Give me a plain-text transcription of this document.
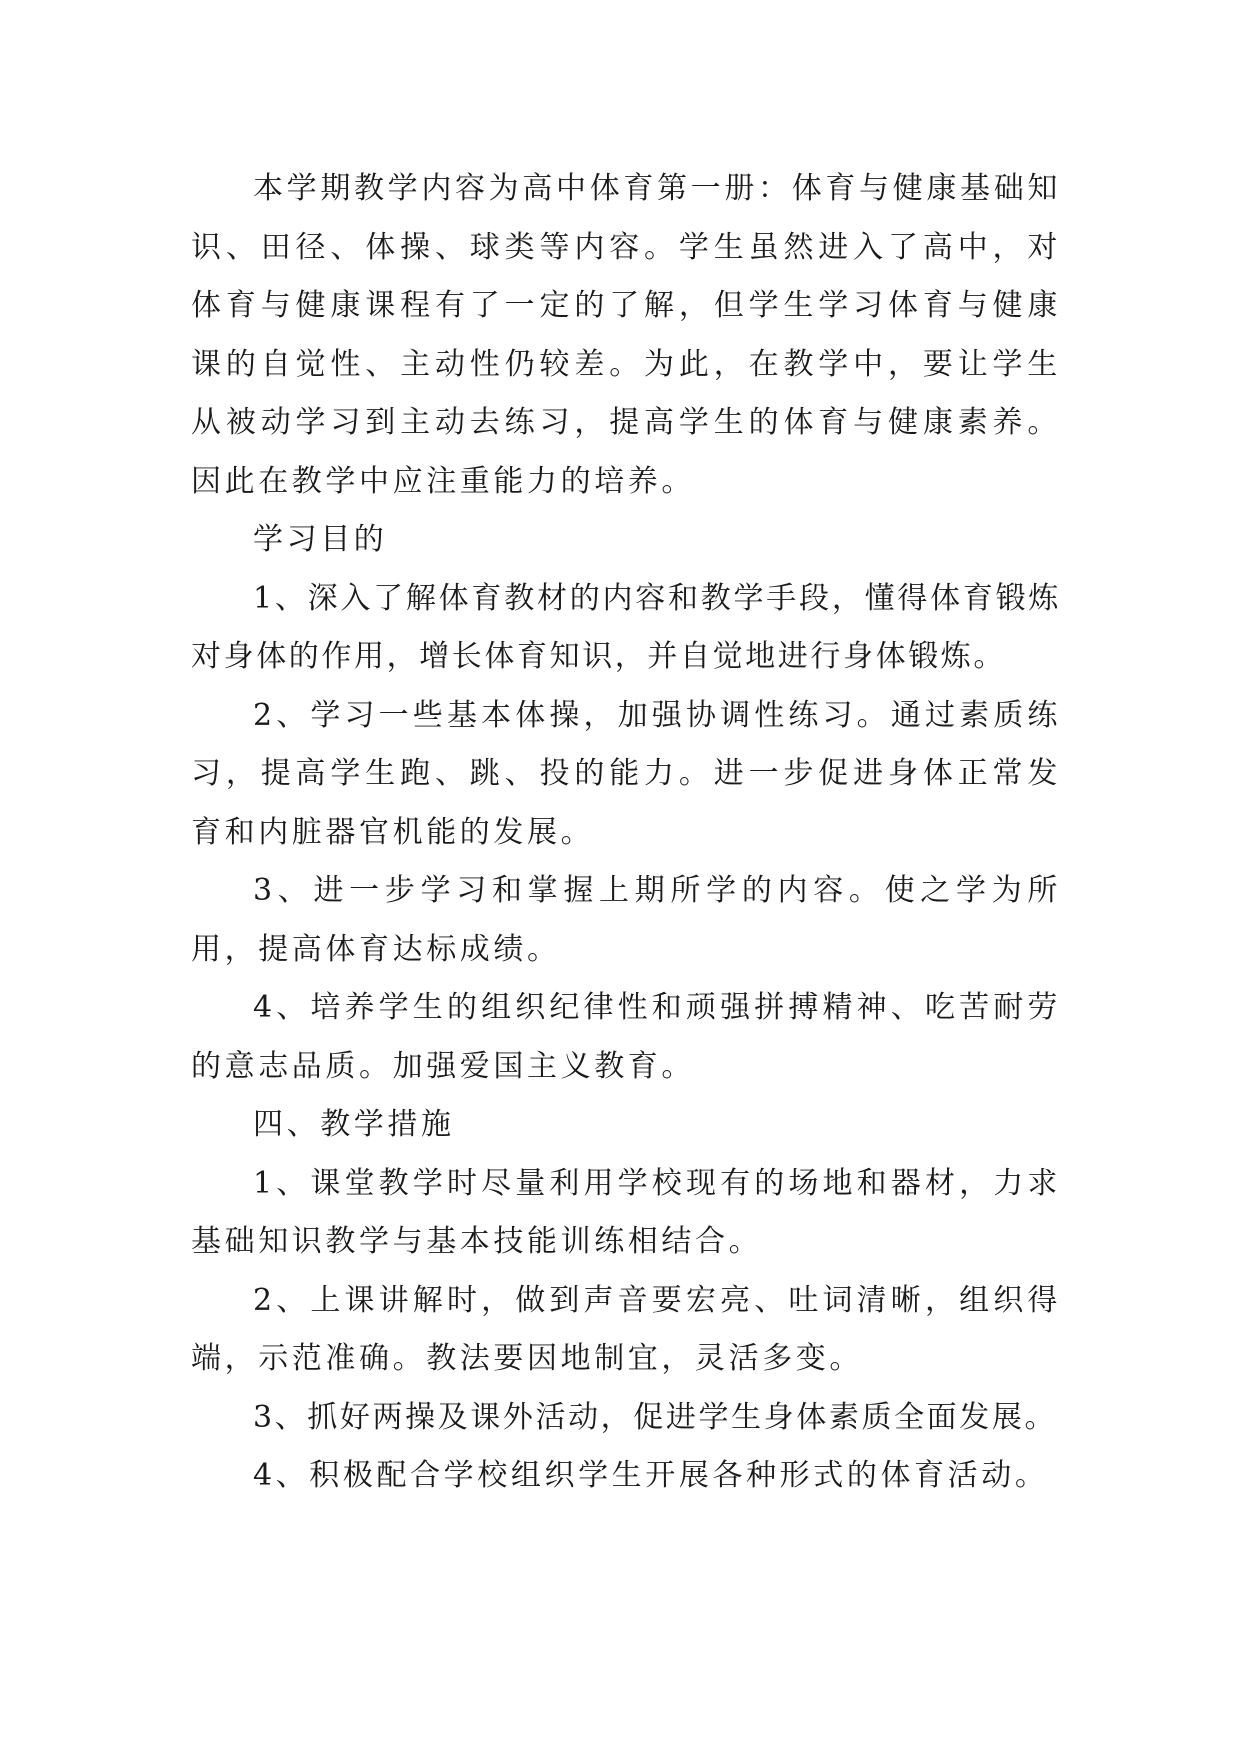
本学期教学内容为高中体育第一册：体育与健康基础知识、田径、体操、球类等内容。学生虽然进入了高中，对体育与健康课程有了一定的了解，但学生学习体育与健康课的自觉性、主动性仍较差。为此，在教学中，要让学生从被动学习到主动去练习，提高学生的体育与健康素养。因此在教学中应注重能力的培养。

学习目的

1、深入了解体育教材的内容和教学手段，懂得体育锻炼对身体的作用，增长体育知识，并自觉地进行身体锻炼。

2、学习一些基本体操，加强协调性练习。通过素质练习，提高学生跑、跳、投的能力。进一步促进身体正常发育和内脏器官机能的发展。

3、进一步学习和掌握上期所学的内容。使之学为所用，提高体育达标成绩。

4、培养学生的组织纪律性和顽强拼搏精神、吃苦耐劳的意志品质。加强爱国主义教育。

四、教学措施

1、课堂教学时尽量利用学校现有的场地和器材，力求基础知识教学与基本技能训练相结合。

2、上课讲解时，做到声音要宏亮、吐词清晰，组织得端，示范准确。教法要因地制宜，灵活多变。

3、抓好两操及课外活动，促进学生身体素质全面发展。

4、积极配合学校组织学生开展各种形式的体育活动。
